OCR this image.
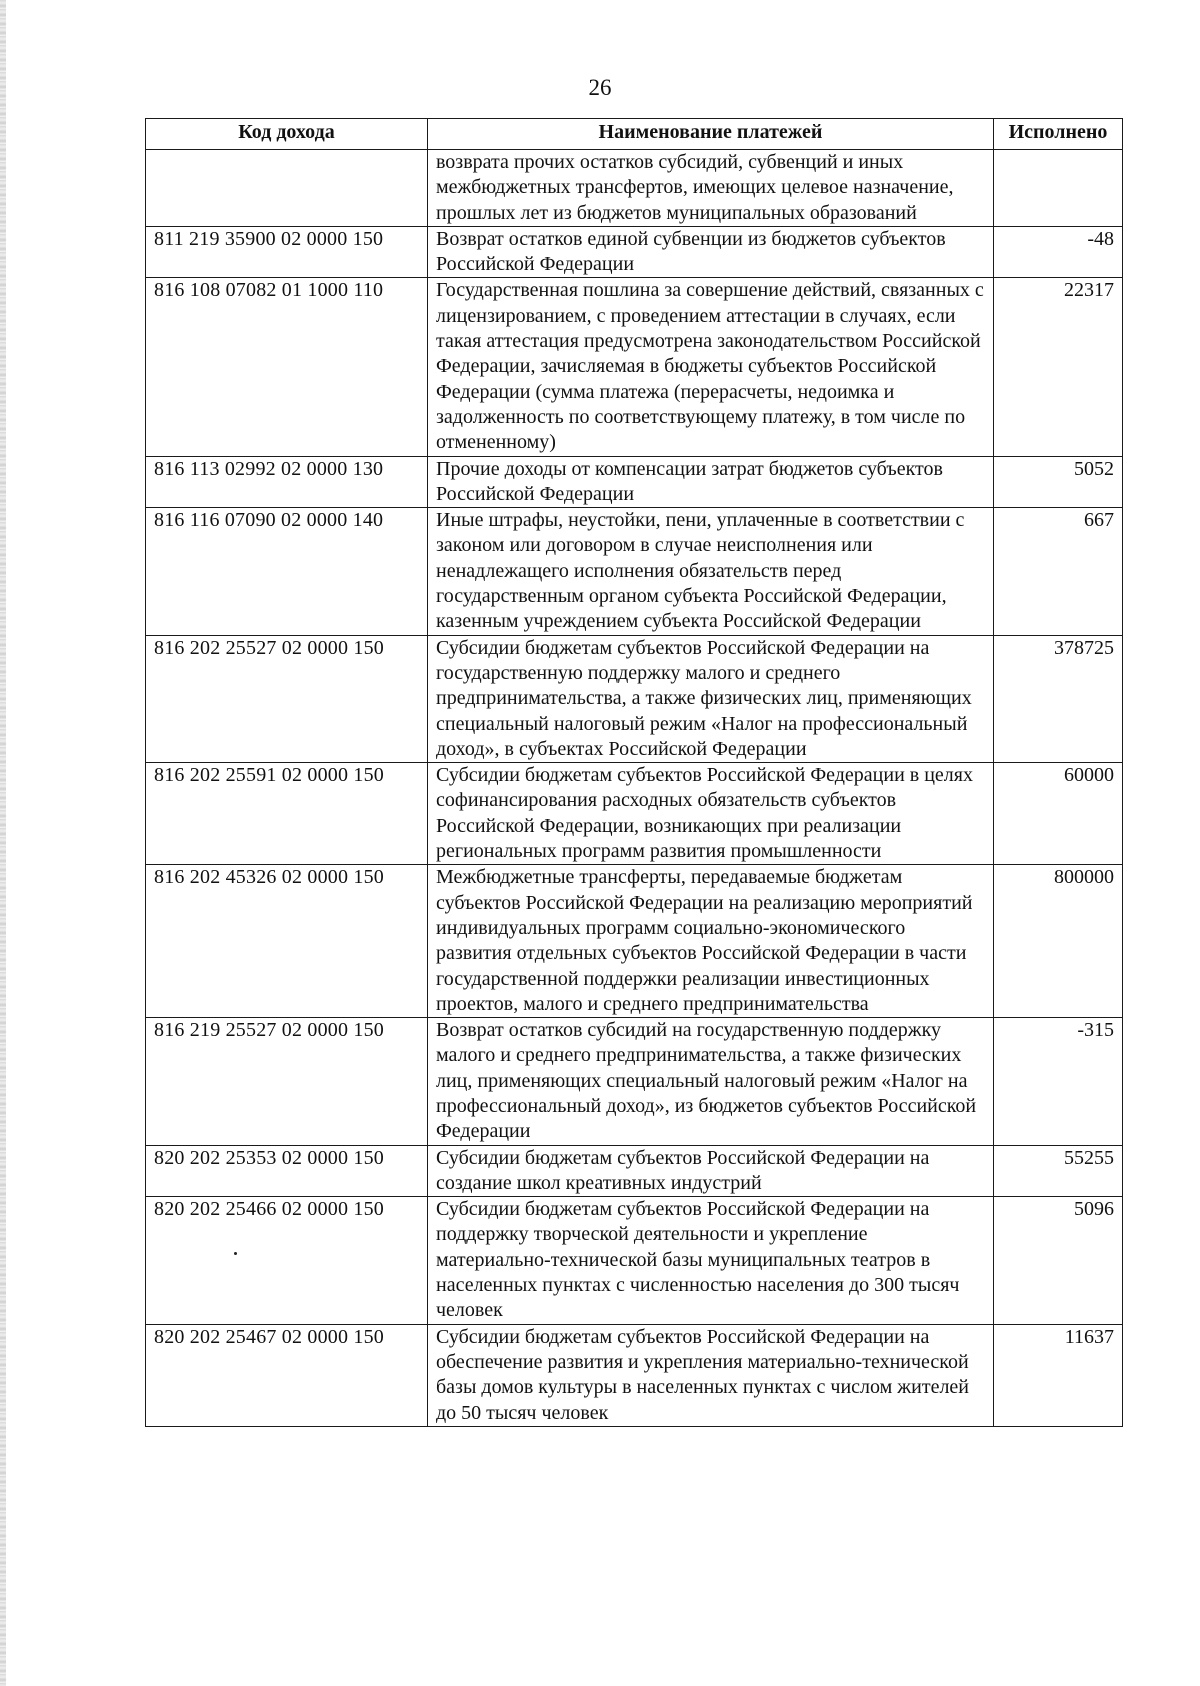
26
Код дохода	Наименование платежей	Исполнено
	возврата прочих остатков субсидий, субвенций и иных межбюджетных трансфертов, имеющих целевое назначение, прошлых лет из бюджетов муниципальных образований	
811 219 35900 02 0000 150	Возврат остатков единой субвенции из бюджетов субъектов Российской Федерации	-48
816 108 07082 01 1000 110	Государственная пошлина за совершение действий, связанных с лицензированием, с проведением аттестации в случаях, если такая аттестация предусмотрена законодательством Российской Федерации, зачисляемая в бюджеты субъектов Российской Федерации (сумма платежа (перерасчеты, недоимка и задолженность по соответствующему платежу, в том числе по отмененному)	22317
816 113 02992 02 0000 130	Прочие доходы от компенсации затрат бюджетов субъектов Российской Федерации	5052
816 116 07090 02 0000 140	Иные штрафы, неустойки, пени, уплаченные в соответствии с законом или договором в случае неисполнения или ненадлежащего исполнения обязательств перед государственным органом субъекта Российской Федерации, казенным учреждением субъекта Российской Федерации	667
816 202 25527 02 0000 150	Субсидии бюджетам субъектов Российской Федерации на государственную поддержку малого и среднего предпринимательства, а также физических лиц, применяющих специальный налоговый режим «Налог на профессиональный доход», в субъектах Российской Федерации	378725
816 202 25591 02 0000 150	Субсидии бюджетам субъектов Российской Федерации в целях софинансирования расходных обязательств субъектов Российской Федерации, возникающих при реализации региональных программ развития промышленности	60000
816 202 45326 02 0000 150	Межбюджетные трансферты, передаваемые бюджетам субъектов Российской Федерации на реализацию мероприятий индивидуальных программ социально-экономического развития отдельных субъектов Российской Федерации в части государственной поддержки реализации инвестиционных проектов, малого и среднего предпринимательства	800000
816 219 25527 02 0000 150	Возврат остатков субсидий на государственную поддержку малого и среднего предпринимательства, а также физических лиц, применяющих специальный налоговый режим «Налог на профессиональный доход», из бюджетов субъектов Российской Федерации	-315
820 202 25353 02 0000 150	Субсидии бюджетам субъектов Российской Федерации на создание школ креативных индустрий	55255
820 202 25466 02 0000 150	Субсидии бюджетам субъектов Российской Федерации на поддержку творческой деятельности и укрепление материально-технической базы муниципальных театров в населенных пунктах с численностью населения до 300 тысяч человек	5096
820 202 25467 02 0000 150	Субсидии бюджетам субъектов Российской Федерации на обеспечение развития и укрепления материально-технической базы домов культуры в населенных пунктах с числом жителей до 50 тысяч человек	11637
